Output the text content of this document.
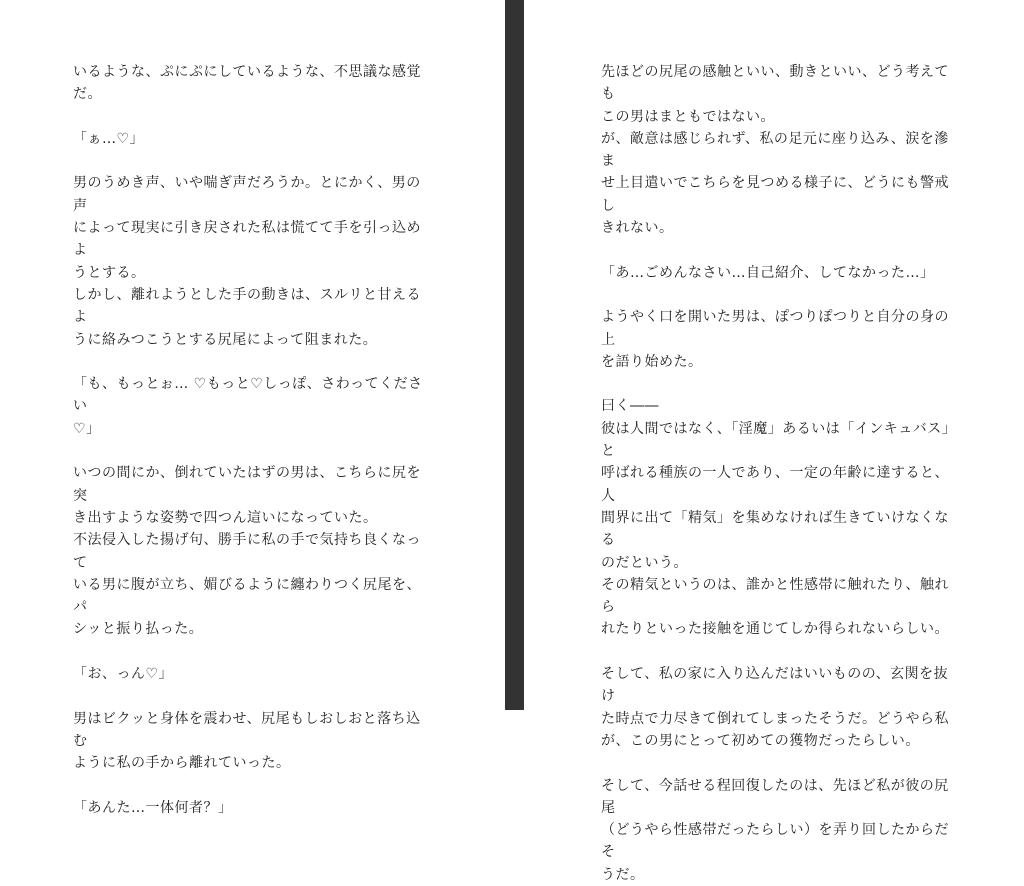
いるような、ぷにぷにしているような、不思議な感覚だ。

「ぁ…♡」

男のうめき声、いや喘ぎ声だろうか。とにかく、男の声
によって現実に引き戻された私は慌てて手を引っ込めよ
うとする。
しかし、離れようとした手の動きは、スルリと甘えるよ
うに絡みつこうとする尻尾によって阻まれた。

「も、もっとぉ… ♡もっと♡しっぽ、さわってください
♡」

いつの間にか、倒れていたはずの男は、こちらに尻を突
き出すような姿勢で四つん這いになっていた。
不法侵入した揚げ句、勝手に私の手で気持ち良くなって
いる男に腹が立ち、媚びるように纏わりつく尻尾を、パ
シッと振り払った。

「お、っん♡」

男はビクッと身体を震わせ、尻尾もしおしおと落ち込む
ように私の手から離れていった。

「あんた…一体何者？」

先ほどの尻尾の感触といい、動きといい、どう考えても
この男はまともではない。
が、敵意は感じられず、私の足元に座り込み、涙を滲ま
せ上目遣いでこちらを見つめる様子に、どうにも警戒し
きれない。

「あ…ごめんなさい…自己紹介、してなかった…」

ようやく口を開いた男は、ぽつりぽつりと自分の身の上
を語り始めた。

曰く――
彼は人間ではなく、「淫魔」あるいは「インキュバス」と
呼ばれる種族の一人であり、一定の年齢に達すると、人
間界に出て「精気」を集めなければ生きていけなくなる
のだという。
その精気というのは、誰かと性感帯に触れたり、触れら
れたりといった接触を通じてしか得られないらしい。

そして、私の家に入り込んだはいいものの、玄関を抜け
た時点で力尽きて倒れてしまったそうだ。どうやら私
が、この男にとって初めての獲物だったらしい。

そして、今話せる程回復したのは、先ほど私が彼の尻尾
（どうやら性感帯だったらしい）を弄り回したからだそ
うだ。
